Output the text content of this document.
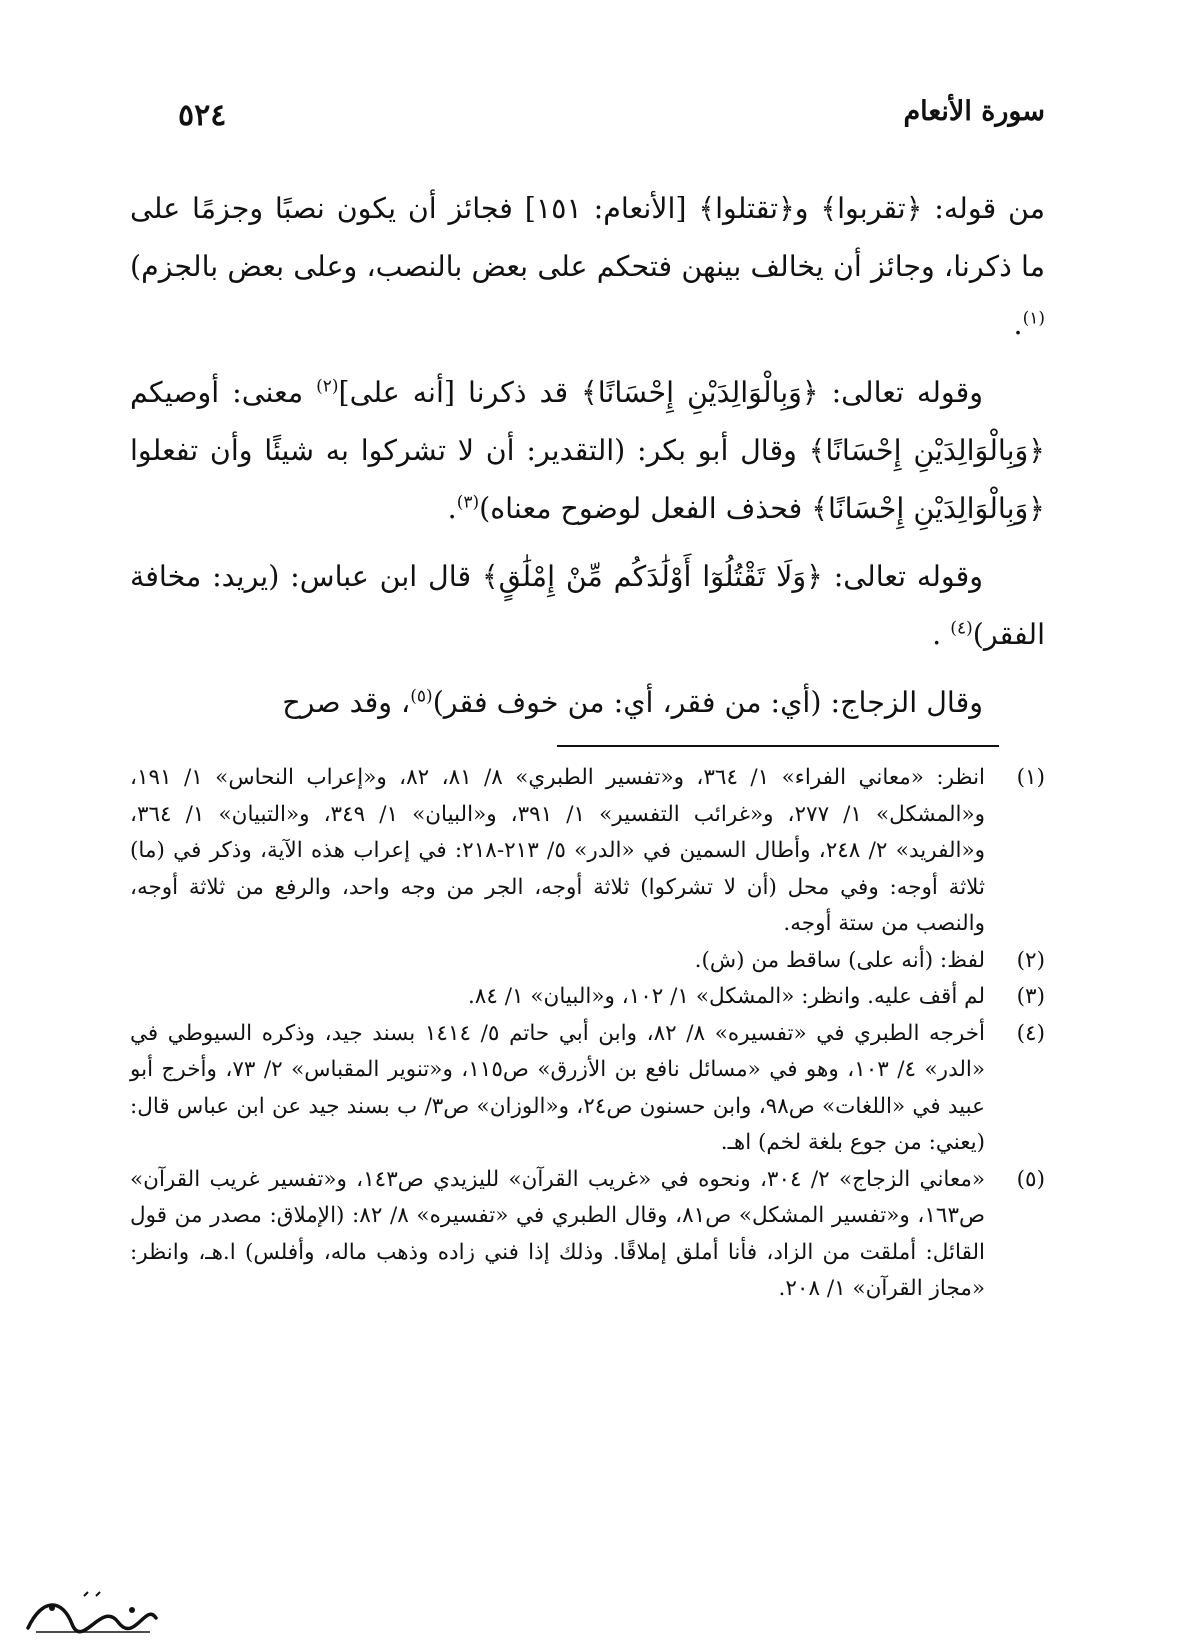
سورة الأنعام
٥٢٤

من قوله: ﴿تقربوا﴾ و﴿تقتلوا﴾ [الأنعام: ١٥١] فجائز أن يكون نصبًا وجزمًا على ما ذكرنا، وجائز أن يخالف بينهن فتحكم على بعض بالنصب، وعلى بعض بالجزم)$^{(١)}$.

وقوله تعالى: ﴿وَبِالْوَالِدَيْنِ إِحْسَانًا﴾ قد ذكرنا [أنه على]$^{(٢)}$ معنى: أوصيكم ﴿وَبِالْوَالِدَيْنِ إِحْسَانًا﴾ وقال أبو بكر: (التقدير: أن لا تشركوا به شيئًا وأن تفعلوا ﴿وَبِالْوَالِدَيْنِ إِحْسَانًا﴾ فحذف الفعل لوضوح معناه)$^{(٣)}$.

وقوله تعالى: ﴿وَلَا تَقْتُلُوٓا أَوْلَٰدَكُم مِّنْ إِمْلَٰقٍ﴾ قال ابن عباس: (يريد: مخافة الفقر)$^{(٤)}$ .

وقال الزجاج: (أي: من فقر، أي: من خوف فقر)$^{(٥)}$، وقد صرح

(١)
انظر: «معاني الفراء» ١/ ٣٦٤، و«تفسير الطبري» ٨/ ٨١، ٨٢، و«إعراب النحاس» ١/ ١٩١، و«المشكل» ١/ ٢٧٧، و«غرائب التفسير» ١/ ٣٩١، و«البيان» ١/ ٣٤٩، و«التبيان» ١/ ٣٦٤، و«الفريد» ٢/ ٢٤٨، وأطال السمين في «الدر» ٥/ ٢١٣-٢١٨: في إعراب هذه الآية، وذكر في (ما) ثلاثة أوجه: وفي محل (أن لا تشركوا) ثلاثة أوجه، الجر من وجه واحد، والرفع من ثلاثة أوجه، والنصب من ستة أوجه.

(٢)
لفظ: (أنه على) ساقط من (ش).

(٣)
لم أقف عليه. وانظر: «المشكل» ١/ ١٠٢، و«البيان» ١/ ٨٤.

(٤)
أخرجه الطبري في «تفسيره» ٨/ ٨٢، وابن أبي حاتم ٥/ ١٤١٤ بسند جيد، وذكره السيوطي في «الدر» ٤/ ١٠٣، وهو في «مسائل نافع بن الأزرق» ص١١٥، و«تنوير المقباس» ٢/ ٧٣، وأخرج أبو عبيد في «اللغات» ص٩٨، وابن حسنون ص٢٤، و«الوزان» ص٣/ ب بسند جيد عن ابن عباس قال: (يعني: من جوع بلغة لخم) اهـ.

(٥)
«معاني الزجاج» ٢/ ٣٠٤، ونحوه في «غريب القرآن» لليزيدي ص١٤٣، و«تفسير غريب القرآن» ص١٦٣، و«تفسير المشكل» ص٨١، وقال الطبري في «تفسيره» ٨/ ٨٢: (الإملاق: مصدر من قول القائل: أملقت من الزاد، فأنا أملق إملاقًا. وذلك إذا فني زاده وذهب ماله، وأفلس) ا.هـ، وانظر: «مجاز القرآن» ١/ ٢٠٨.
